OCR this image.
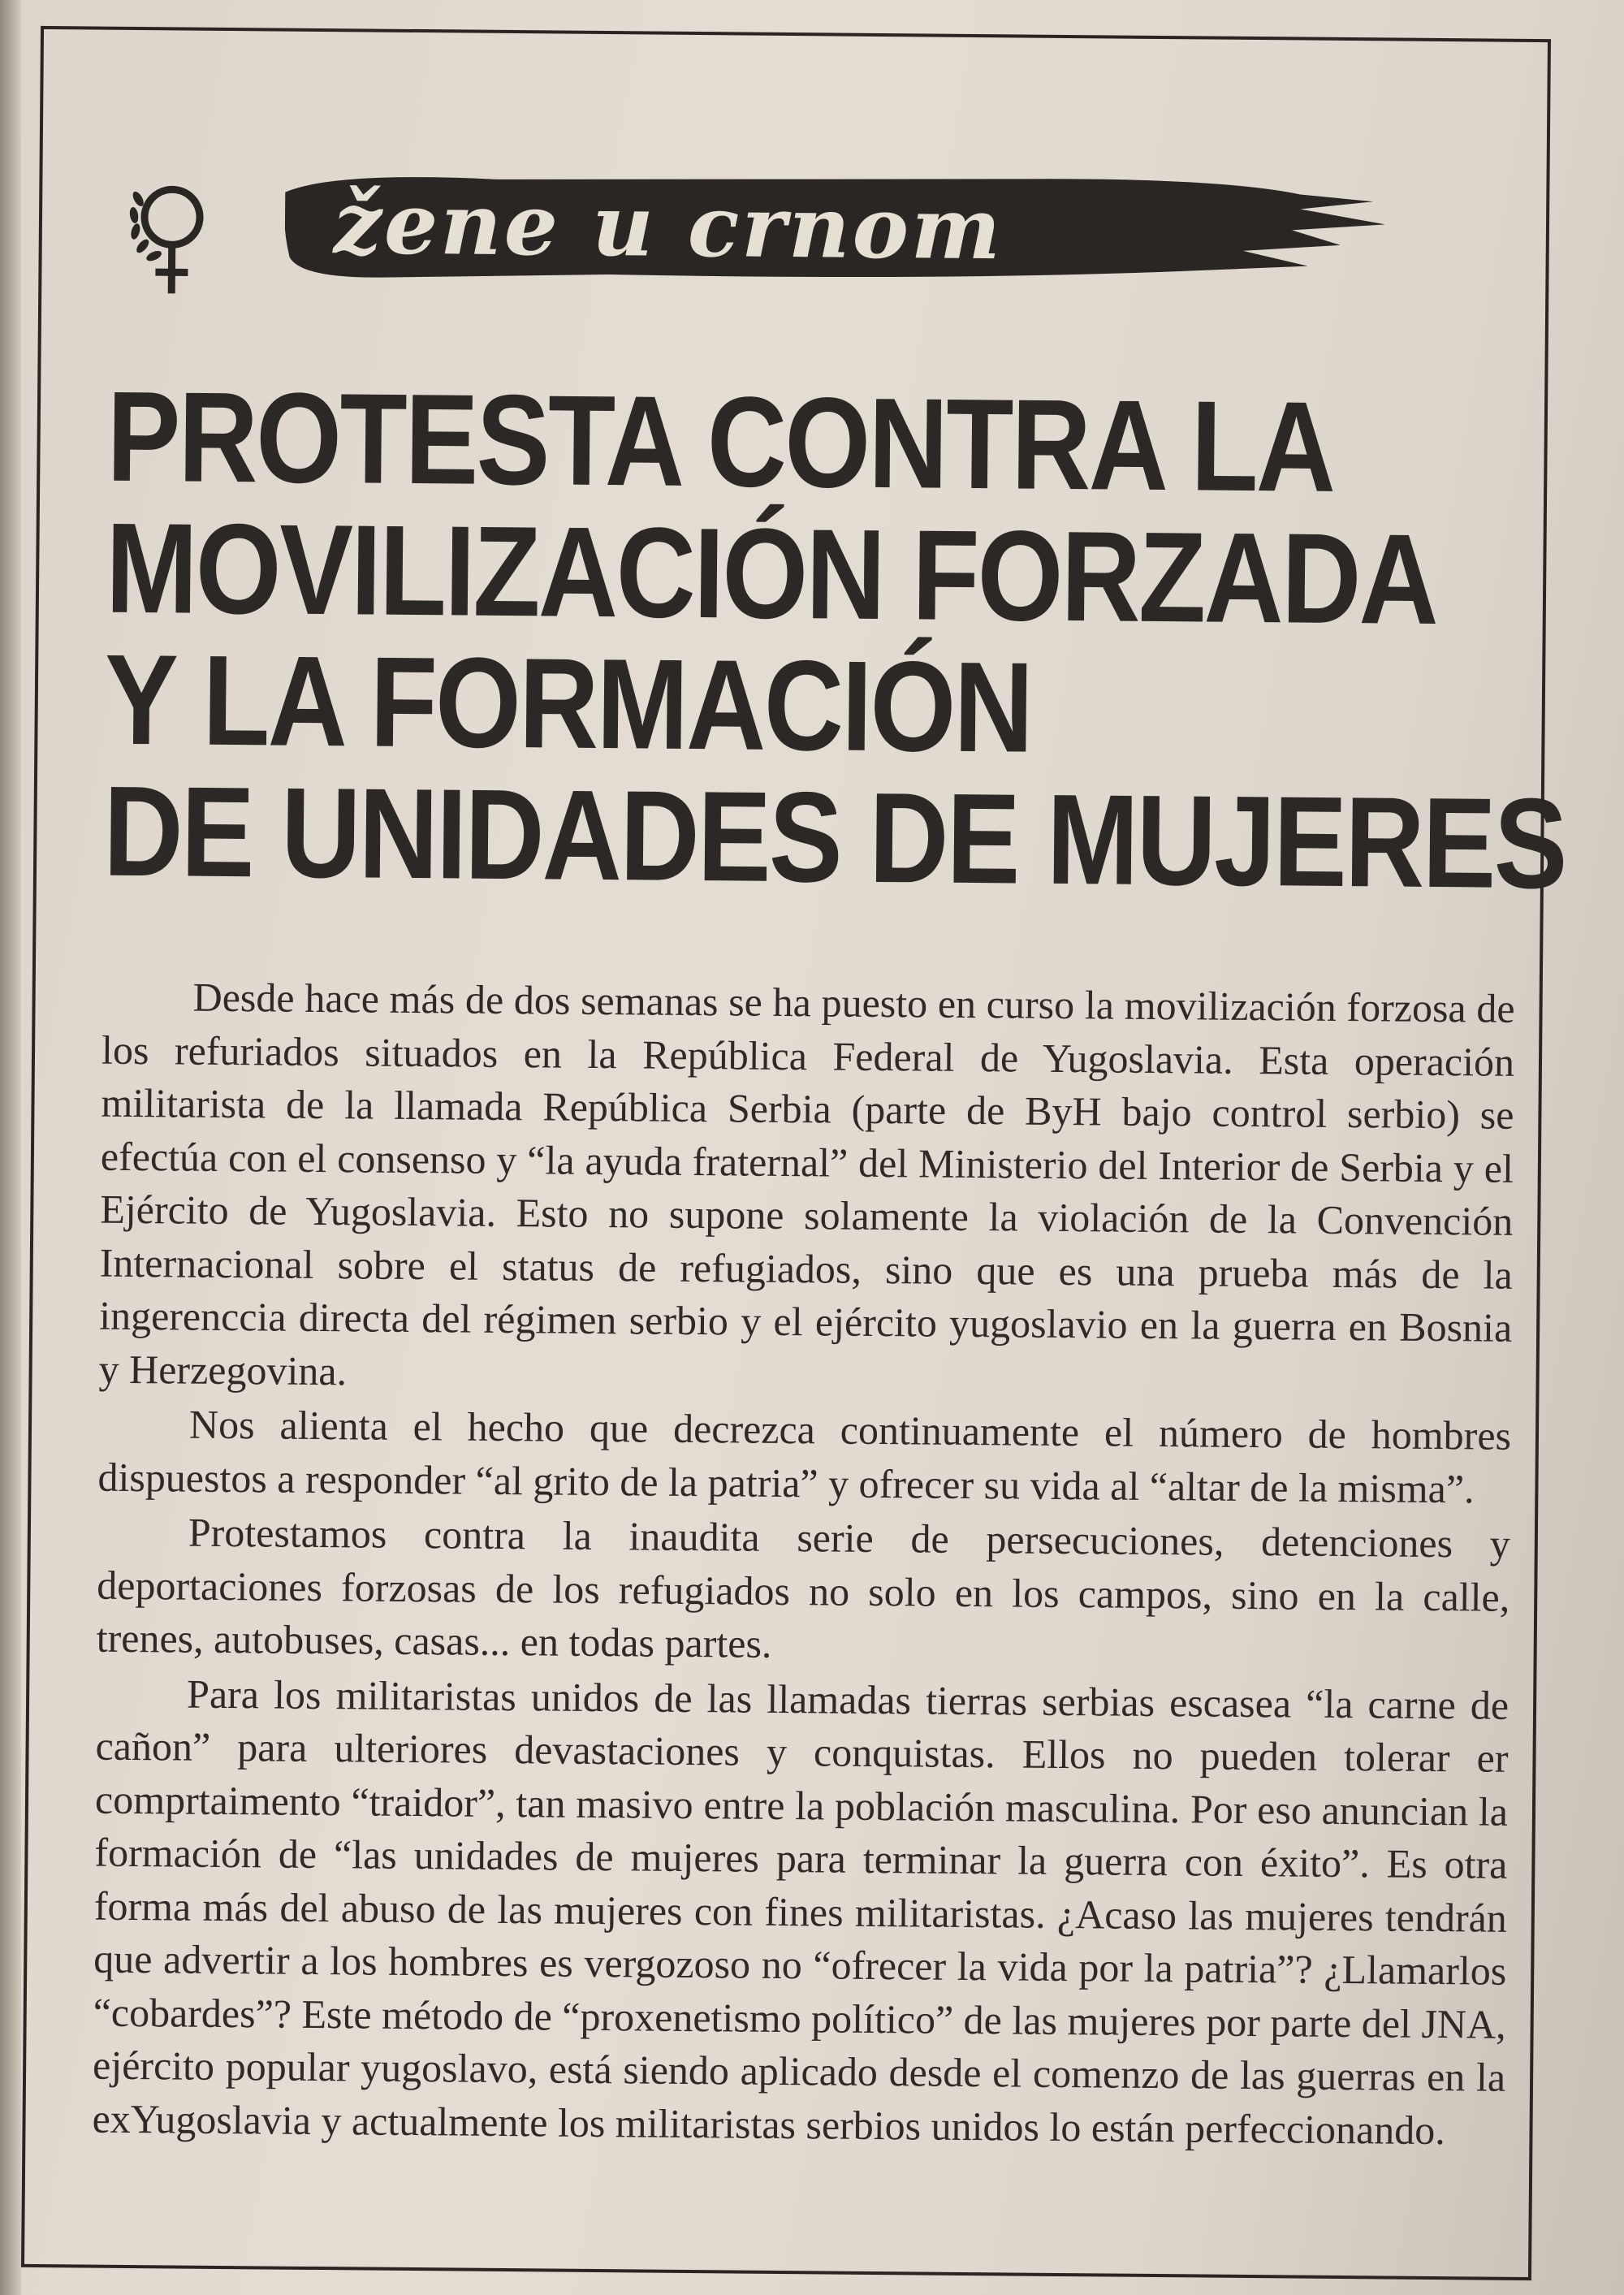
žene u crnom
PROTESTA CONTRA LA
MOVILIZACIÓN FORZADA
Y LA FORMACIÓN
DE UNIDADES DE MUJERES

Desde hace más de dos semanas se ha puesto en curso la movilización forzosa de los refuriados situados en la República Federal de Yugoslavia. Esta operación militarista de la llamada República Serbia (parte de ByH bajo control serbio) se efectúa con el consenso y “la ayuda fraternal” del Ministerio del Interior de Serbia y el Ejército de Yugoslavia. Esto no supone solamente la violación de la Convención Internacional sobre el status de refugiados, sino que es una prueba más de la ingerenccia directa del régimen serbio y el ejército yugoslavio en la guerra en Bosnia y Herzegovina.

Nos alienta el hecho que decrezca continuamente el número de hombres dispuestos a responder “al grito de la patria” y ofrecer su vida al “altar de la misma”.

Protestamos contra la inaudita serie de persecuciones, detenciones y deportaciones forzosas de los refugiados no solo en los campos, sino en la calle, trenes, autobuses, casas... en todas partes.

Para los militaristas unidos de las llamadas tierras serbias escasea “la carne de cañon” para ulteriores devastaciones y conquistas. Ellos no pueden tolerar er comprtaimento “traidor”, tan masivo entre la población masculina. Por eso anuncian la formación de “las unidades de mujeres para terminar la guerra con éxito”. Es otra forma más del abuso de las mujeres con fines militaristas. ¿Acaso las mujeres tendrán que advertir a los hombres es vergozoso no “ofrecer la vida por la patria”? ¿Llamarlos “cobardes”? Este método de “proxenetismo político” de las mujeres por parte del JNA, ejército popular yugoslavo, está siendo aplicado desde el comenzo de las guerras en la exYugoslavia y actualmente los militaristas serbios unidos lo están perfeccionando.
